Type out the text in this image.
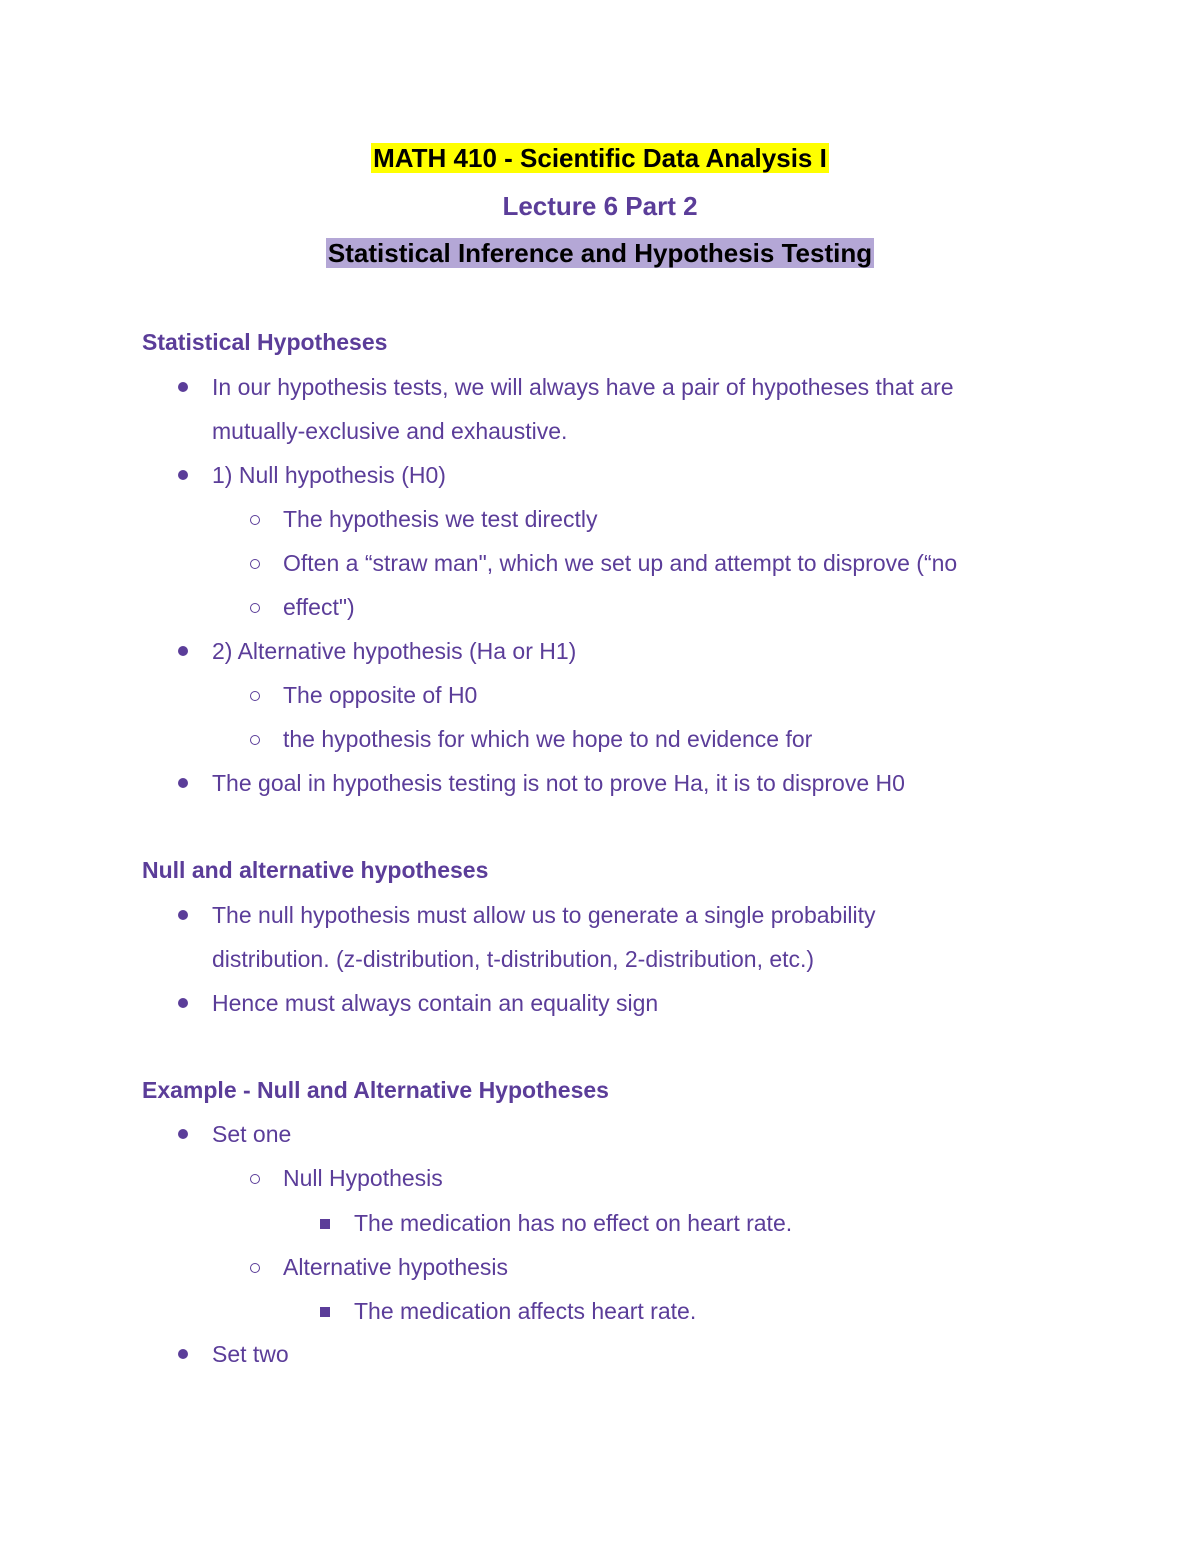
MATH 410 - Scientific Data Analysis I
Lecture 6 Part 2
Statistical Inference and Hypothesis Testing
Statistical Hypotheses
In our hypothesis tests, we will always have a pair of hypotheses that are
mutually-exclusive and exhaustive.
1) Null hypothesis (H0)
The hypothesis we test directly
Often a “straw man", which we set up and attempt to disprove (“no
effect")
2) Alternative hypothesis (Ha or H1)
The opposite of H0
the hypothesis for which we hope to nd evidence for
The goal in hypothesis testing is not to prove Ha, it is to disprove H0
Null and alternative hypotheses
The null hypothesis must allow us to generate a single probability
distribution. (z-distribution, t-distribution, 2-distribution, etc.)
Hence must always contain an equality sign
Example - Null and Alternative Hypotheses
Set one
Null Hypothesis
The medication has no effect on heart rate.
Alternative hypothesis
The medication affects heart rate.
Set two
